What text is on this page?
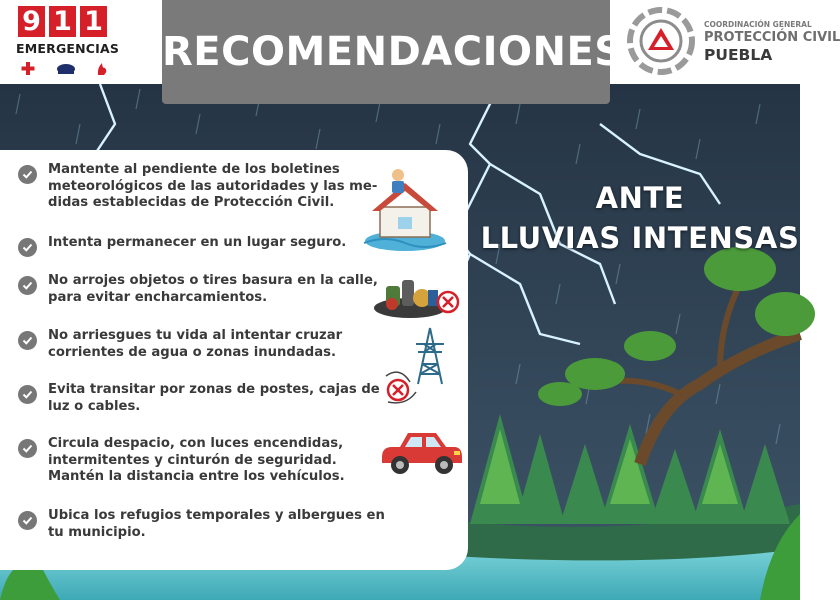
9 1 1
EMERGENCIAS RECOMENDACIONES
COORDINACIÓN GENERAL
PROTECCIÓN CIVIL
PUEBLA
ANTE
LLUVIAS INTENSAS
Mantente al pendiente de los boletines
meteorológicos de las autoridades y las me-
didas establecidas de Protección Civil.
Intenta permanecer en un lugar seguro.
No arrojes objetos o tires basura en la calle,
para evitar encharcamientos.
No arriesgues tu vida al intentar cruzar
corrientes de agua o zonas inundadas.
Evita transitar por zonas de postes, cajas de
luz o cables.
Circula despacio, con luces encendidas,
intermitentes y cinturón de seguridad.
Mantén la distancia entre los vehículos.
Ubica los refugios temporales y albergues en
tu municipio.
